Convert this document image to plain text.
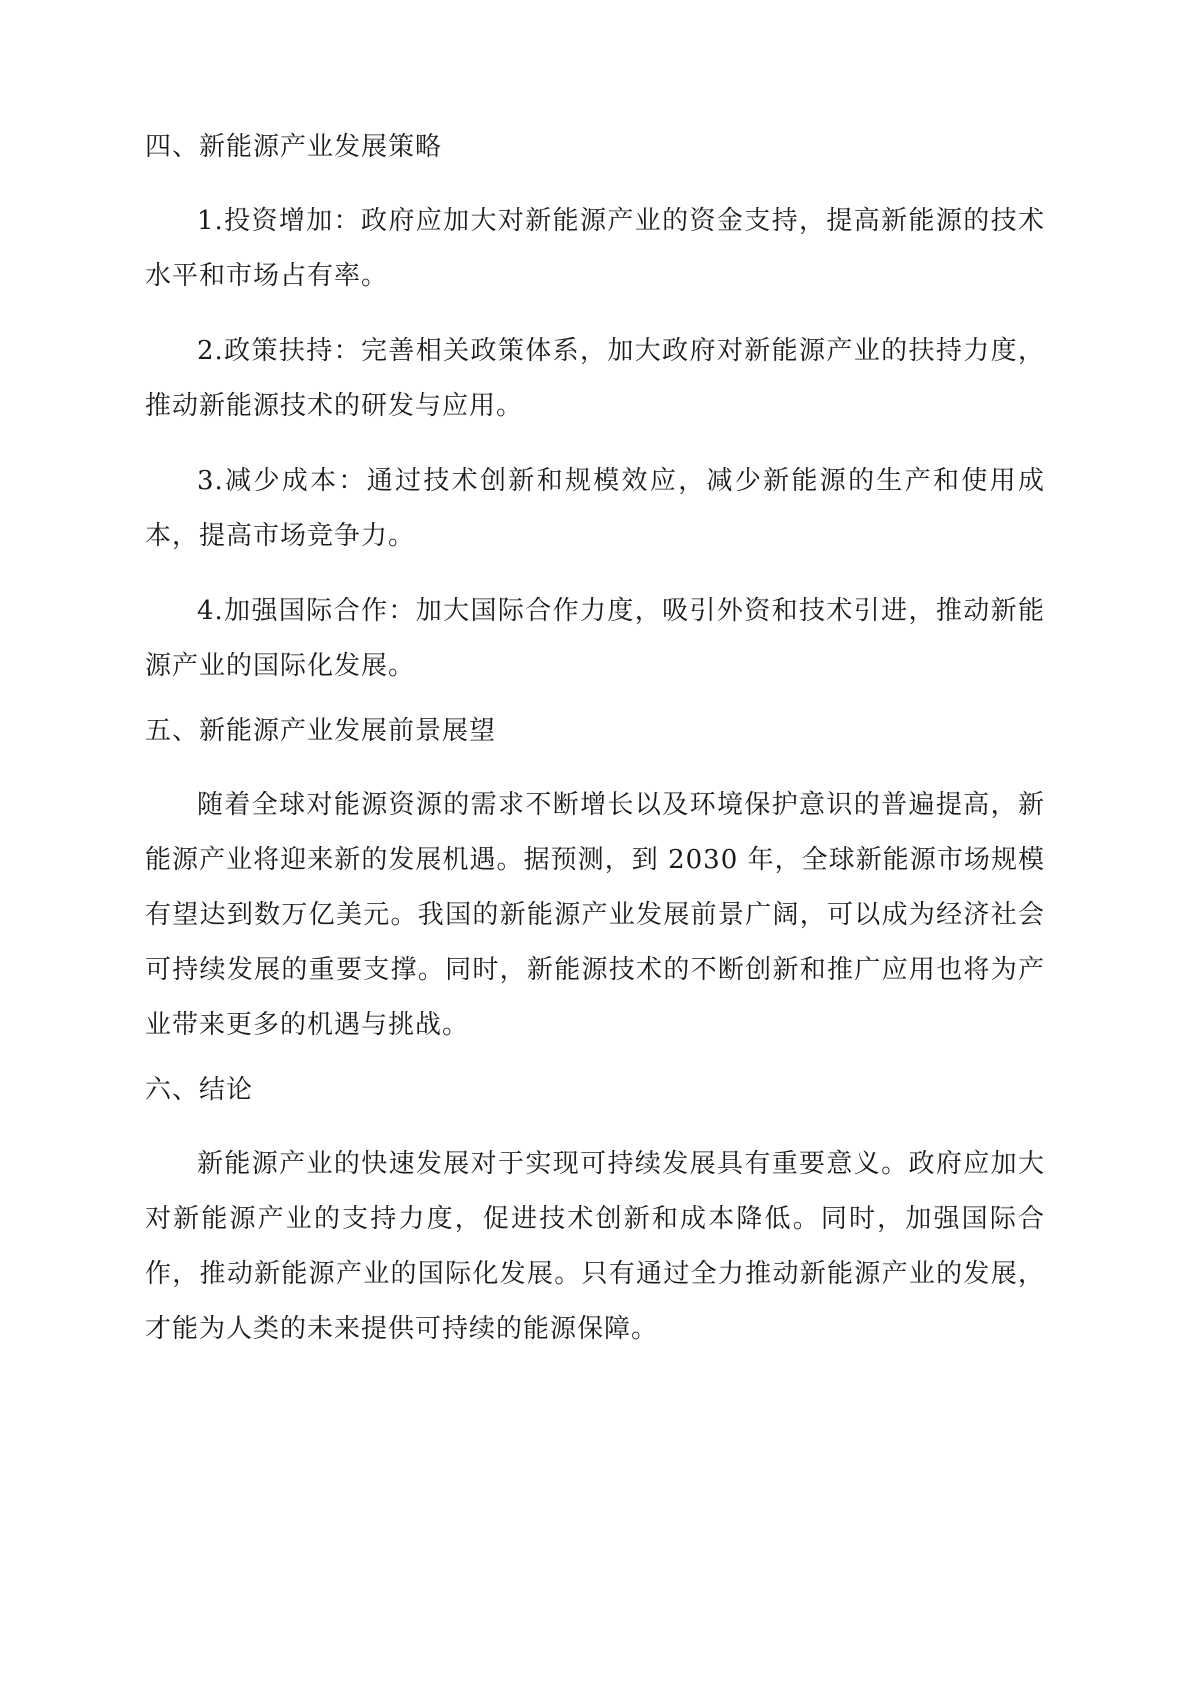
四、新能源产业发展策略

1.投资增加：政府应加大对新能源产业的资金支持，提高新能源的技术水平和市场占有率。

2.政策扶持：完善相关政策体系，加大政府对新能源产业的扶持力度，推动新能源技术的研发与应用。

3.减少成本：通过技术创新和规模效应，减少新能源的生产和使用成本，提高市场竞争力。

4.加强国际合作：加大国际合作力度，吸引外资和技术引进，推动新能源产业的国际化发展。

五、新能源产业发展前景展望

随着全球对能源资源的需求不断增长以及环境保护意识的普遍提高，新能源产业将迎来新的发展机遇。据预测，到 2030 年，全球新能源市场规模有望达到数万亿美元。我国的新能源产业发展前景广阔，可以成为经济社会可持续发展的重要支撑。同时，新能源技术的不断创新和推广应用也将为产业带来更多的机遇与挑战。

六、结论

新能源产业的快速发展对于实现可持续发展具有重要意义。政府应加大对新能源产业的支持力度，促进技术创新和成本降低。同时，加强国际合作，推动新能源产业的国际化发展。只有通过全力推动新能源产业的发展，才能为人类的未来提供可持续的能源保障。
